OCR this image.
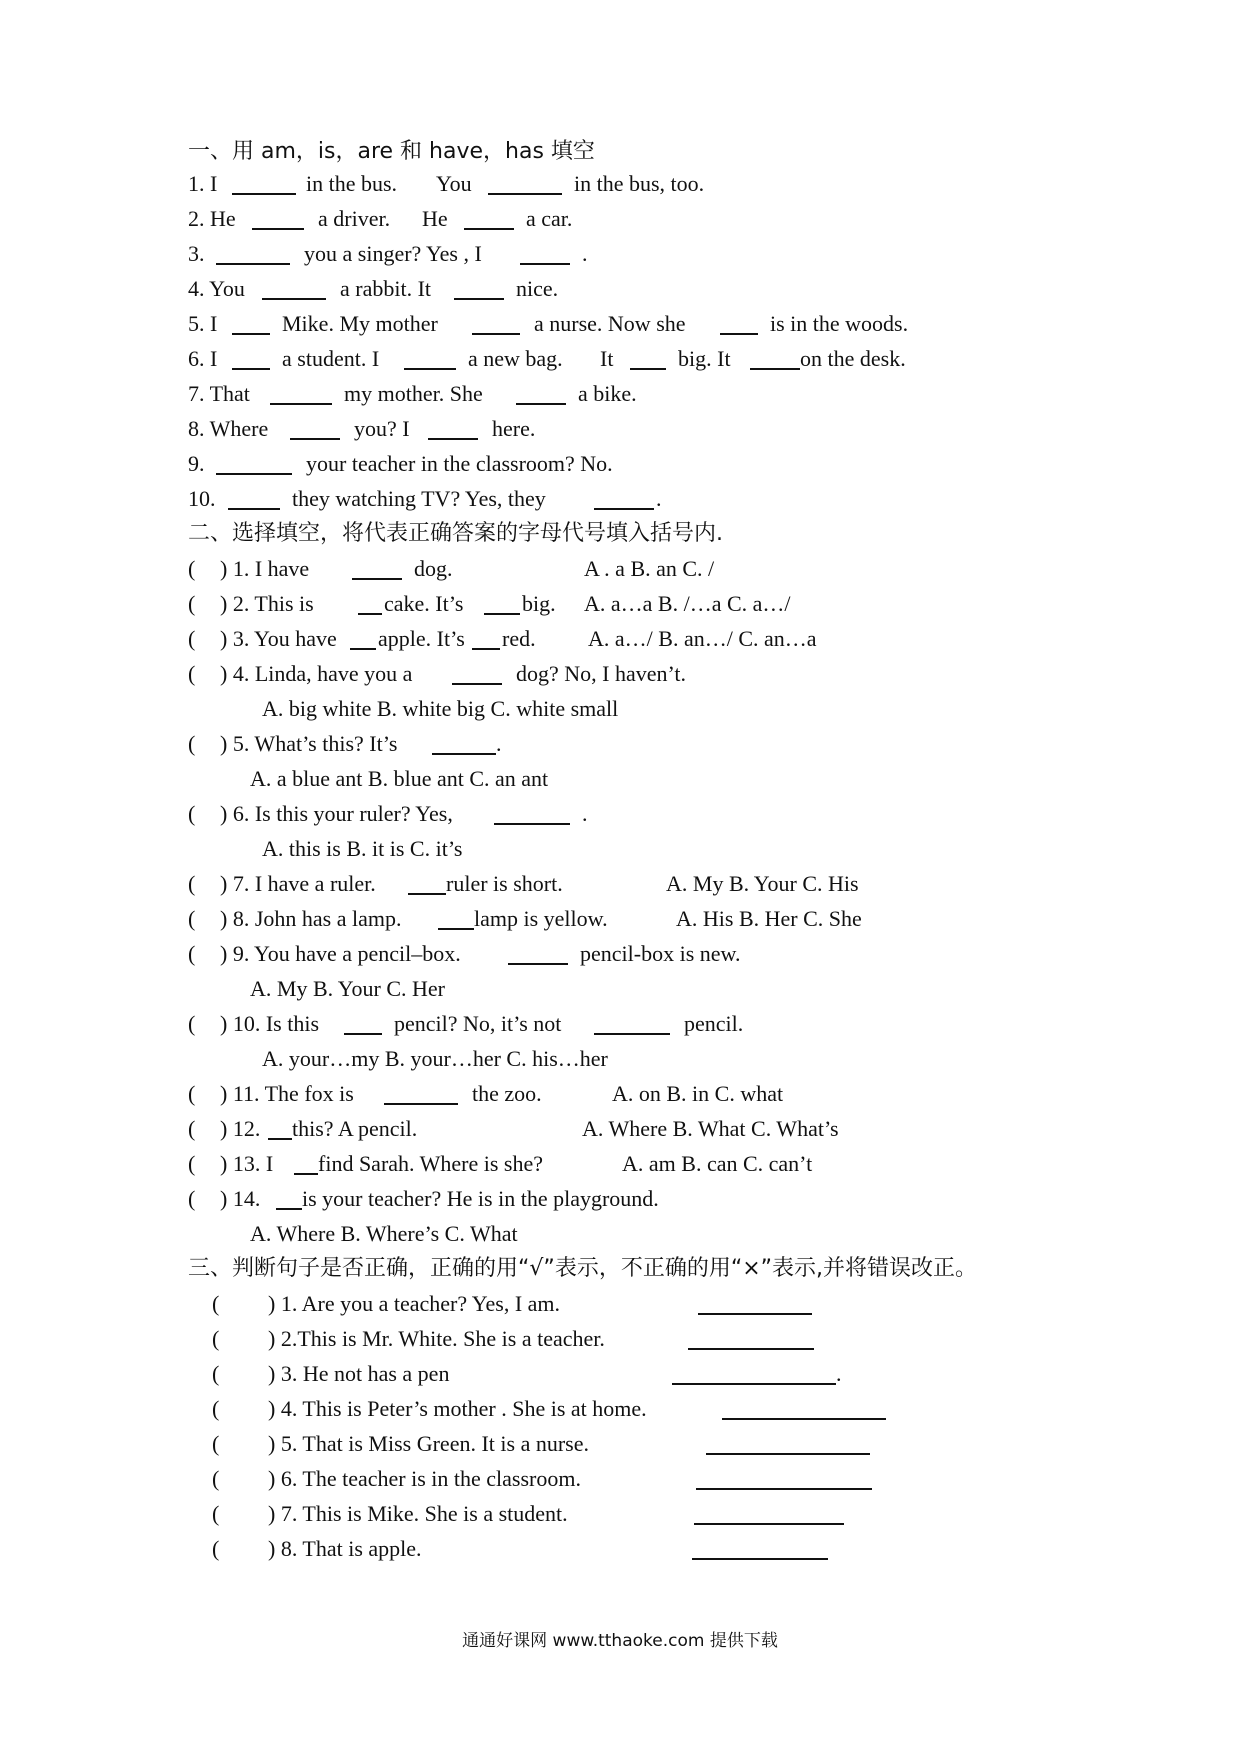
一、用 am，is，are 和 have，has 填空
1. I	in the bus. You	in the bus, too.
2. He	a driver. He	a car.
3.	you a singer? Yes , I	.
4. You	a rabbit. It	nice.
5. I	Mike. My mother	a nurse. Now she	is in the woods.
6. I	a student. I	a new bag. It	big. It	on the desk.
7. That	my mother. She	a bike.
8. Where	you? I	here.
9.	your teacher in the classroom? No.
10.	they watching TV? Yes, they	.
二、选择填空，将代表正确答案的字母代号填入括号内.
( ) 1. I have	dog.	A . a B. an C. /
( ) 2. This is	cake. It’s	big. A. a…a B. /…a C. a…/
( ) 3. You have apple. It’s red. A. a…/ B. an…/ C. an…a
( ) 4. Linda, have you a	dog? No, I haven’t.
A. big white B. white big C. white small
( ) 5. What’s this? It’s	.
A. a blue ant B. blue ant C. an ant
( ) 6. Is this your ruler? Yes,	.
A. this is B. it is C. it’s
( ) 7. I have a ruler.	ruler is short.	A. My B. Your C. His
( ) 8. John has a lamp.	lamp is yellow.	A. His B. Her C. She
( ) 9. You have a pencil–box.	pencil-box is new.
A. My B. Your C. Her
( ) 10. Is this	pencil? No, it’s not	pencil.
A. your…my B. your…her C. his…her
( ) 11. The fox is	the zoo.	A. on B. in C. what
( ) 12. this? A pencil.	A. Where B. What C. What’s
( ) 13. I find Sarah. Where is she?	A. am B. can C. can’t
( ) 14. is your teacher? He is in the playground.
A. Where B. Where’s C. What
三、判断句子是否正确，正确的用“√”表示，不正确的用“×”表示,并将错误改正。
( ) 1. Are you a teacher? Yes, I am.
( ) 2.This is Mr. White. She is a teacher.
( ) 3. He not has a pen	.
( ) 4. This is Peter’s mother . She is at home.
( ) 5. That is Miss Green. It is a nurse.
( ) 6. The teacher is in the classroom.
( ) 7. This is Mike. She is a student.
( ) 8. That is apple.
通通好课网 www.tthaoke.com 提供下载
